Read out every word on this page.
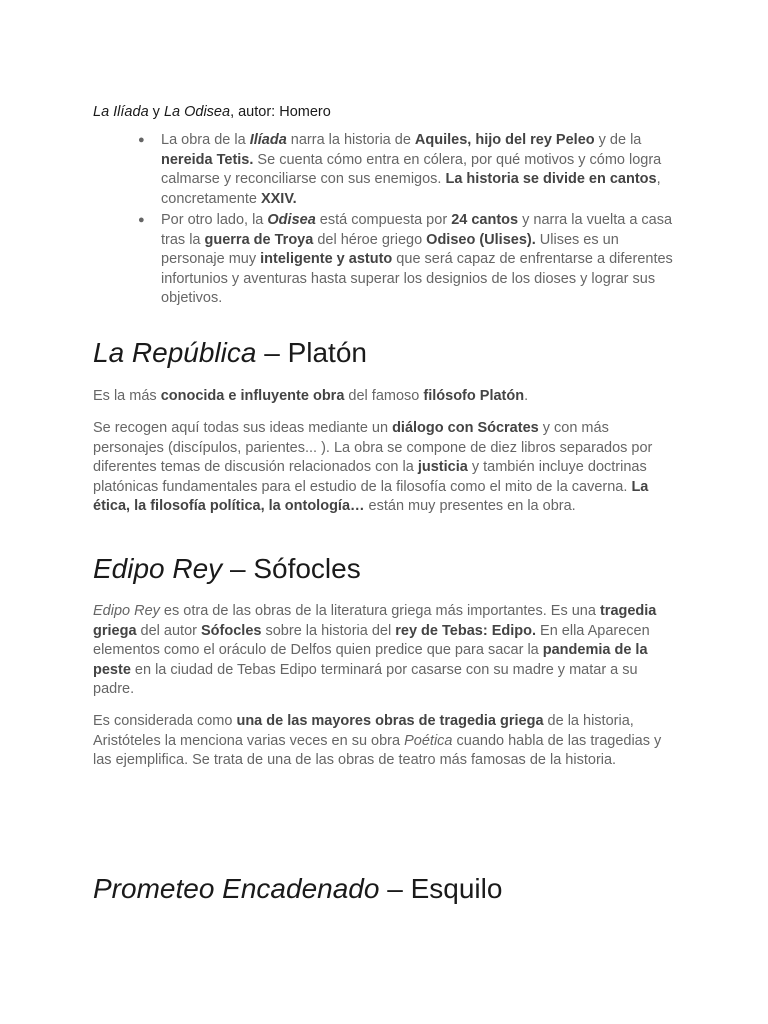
La Ilíada y La Odisea, autor: Homero

● La obra de la Ilíada narra la historia de Aquiles, hijo del rey Peleo y de la nereida Tetis. Se cuenta cómo entra en cólera, por qué motivos y cómo logra calmarse y reconciliarse con sus enemigos. La historia se divide en cantos, concretamente XXIV.
● Por otro lado, la Odisea está compuesta por 24 cantos y narra la vuelta a casa tras la guerra de Troya del héroe griego Odiseo (Ulises). Ulises es un personaje muy inteligente y astuto que será capaz de enfrentarse a diferentes infortunios y aventuras hasta superar los designios de los dioses y lograr sus objetivos.
La República – Platón

Es la más conocida e influyente obra del famoso filósofo Platón.

Se recogen aquí todas sus ideas mediante un diálogo con Sócrates y con más personajes (discípulos, parientes... ). La obra se compone de diez libros separados por diferentes temas de discusión relacionados con la justicia y también incluye doctrinas platónicas fundamentales para el estudio de la filosofía como el mito de la caverna. La ética, la filosofía política, la ontología… están muy presentes en la obra.

Edipo Rey – Sófocles

Edipo Rey es otra de las obras de la literatura griega más importantes. Es una tragedia griega del autor Sófocles sobre la historia del rey de Tebas: Edipo. En ella Aparecen elementos como el oráculo de Delfos quien predice que para sacar la pandemia de la peste en la ciudad de Tebas Edipo terminará por casarse con su madre y matar a su padre.

Es considerada como una de las mayores obras de tragedia griega de la historia, Aristóteles la menciona varias veces en su obra Poética cuando habla de las tragedias y las ejemplifica. Se trata de una de las obras de teatro más famosas de la historia.

Prometeo Encadenado – Esquilo
